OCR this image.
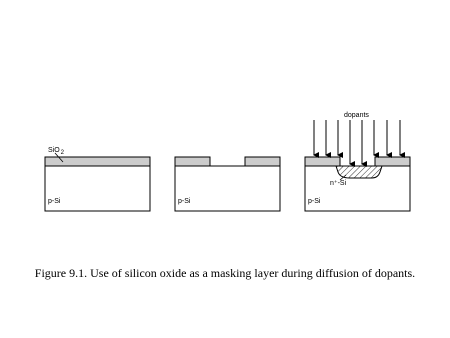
SiO2
p-Si	p-Si
dopants
n⁺-Si
p-Si
Figure 9.1. Use of silicon oxide as a masking layer during diffusion of dopants.
